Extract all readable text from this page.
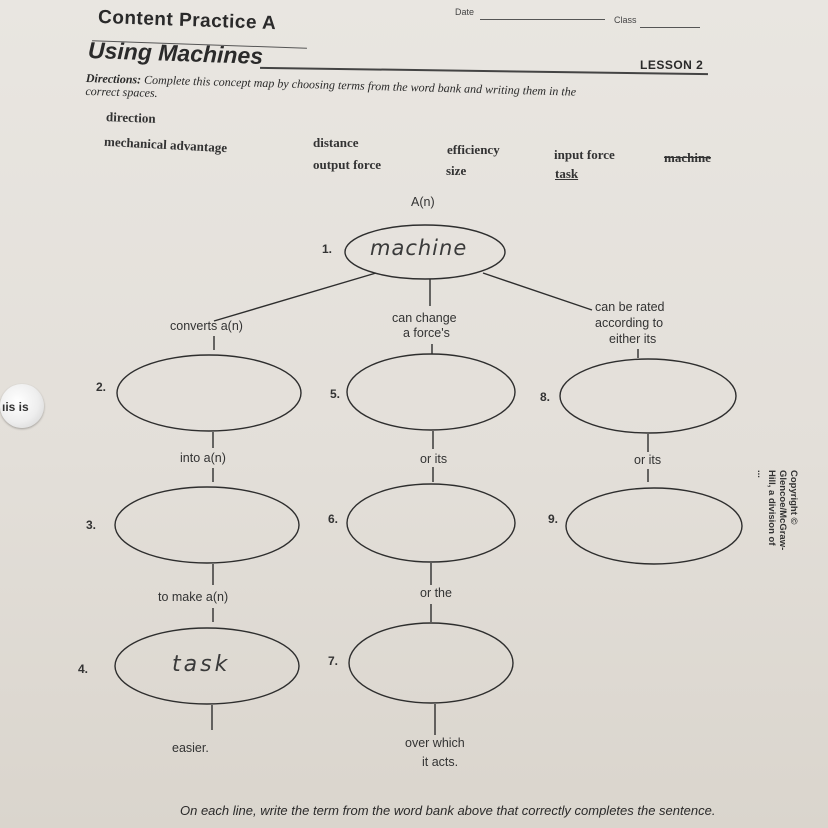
Content Practice A	Date
Class
Using Machines	LESSON 2
Directions: Complete this concept map by choosing terms from the word bank and writing them in the
correct spaces.
direction
mechanical advantage	distance
output force
efficiency
size
input force
task
machine
A(n)
1. machine
converts a(n)
2.
into a(n)
3.
to make a(n)
4.	task
easier.
can change
a force's
5.
or its
6.
or the
7.
over which
it acts.
can be rated
according to
either its
8.
or its
9.
ıis is
Copyright © Glencoe/McGraw-Hill, a division of ...
On each line, write the term from the word bank above that correctly completes the sentence.
